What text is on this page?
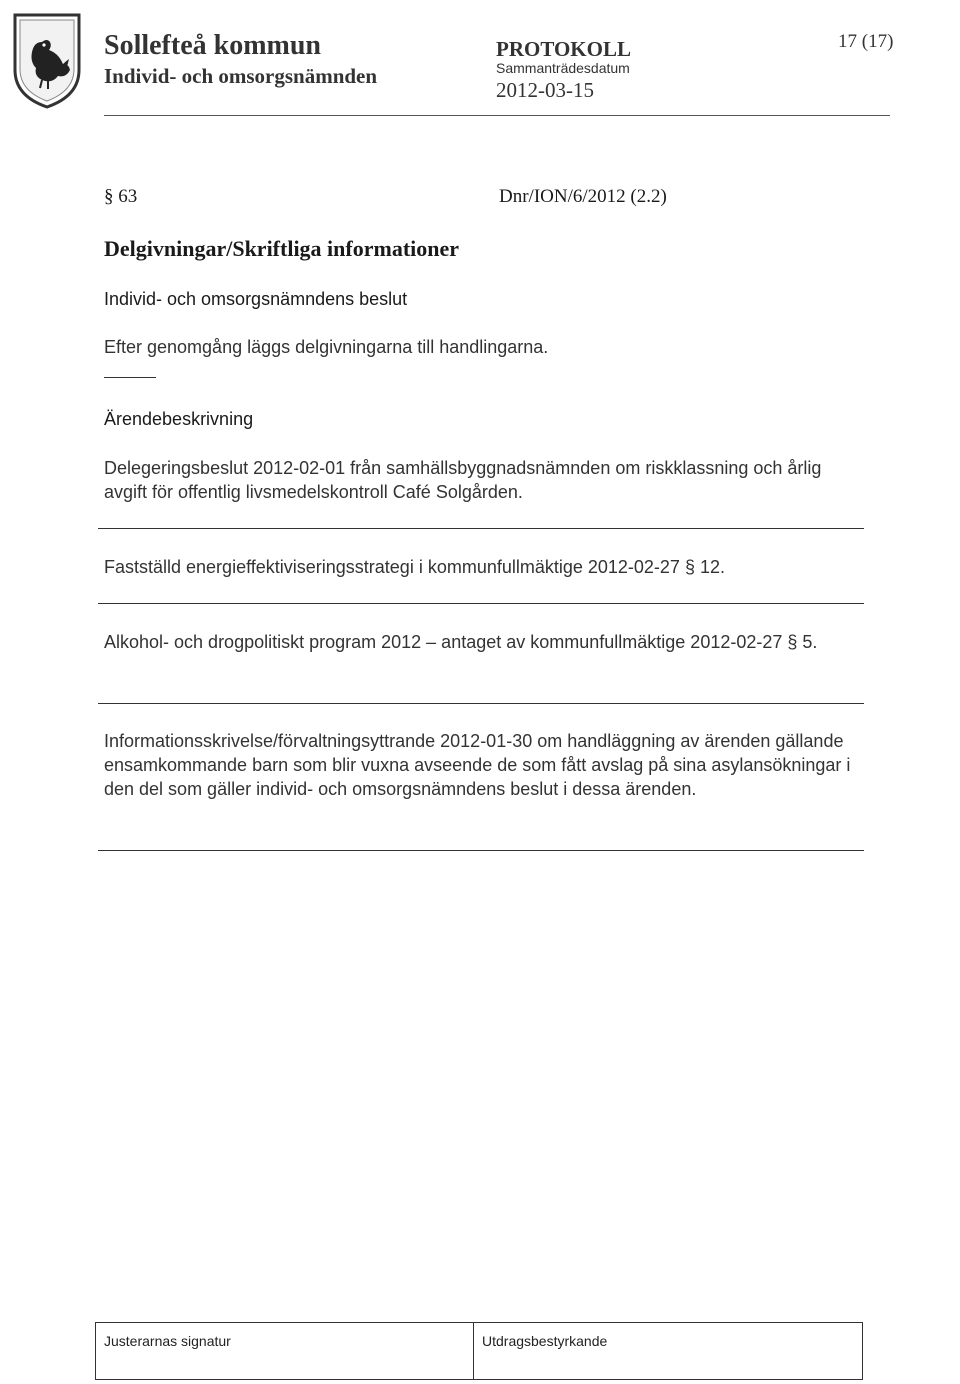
Sollefteå kommun
Individ- och omsorgsnämnden
PROTOKOLL
Sammanträdesdatum
2012-03-15
17 (17)
§ 63	Dnr/ION/6/2012 (2.2)
Delgivningar/Skriftliga informationer
Individ- och omsorgsnämndens beslut
Efter genomgång läggs delgivningarna till handlingarna.
Ärendebeskrivning
Delegeringsbeslut 2012-02-01 från samhällsbyggnadsnämnden om riskklassning och årlig avgift för offentlig livsmedelskontroll Café Solgården.
Fastställd energieffektiviseringsstrategi i kommunfullmäktige 2012-02-27 § 12.
Alkohol- och drogpolitiskt program 2012 – antaget av kommunfullmäktige 2012-02-27 § 5.
Informationsskrivelse/förvaltningsyttrande 2012-01-30 om handläggning av ärenden gällande ensamkommande barn som blir vuxna avseende de som fått avslag på sina asylansökningar i den del som gäller individ- och omsorgsnämndens beslut i dessa ärenden.
Justerarnas signatur	Utdragsbestyrkande
